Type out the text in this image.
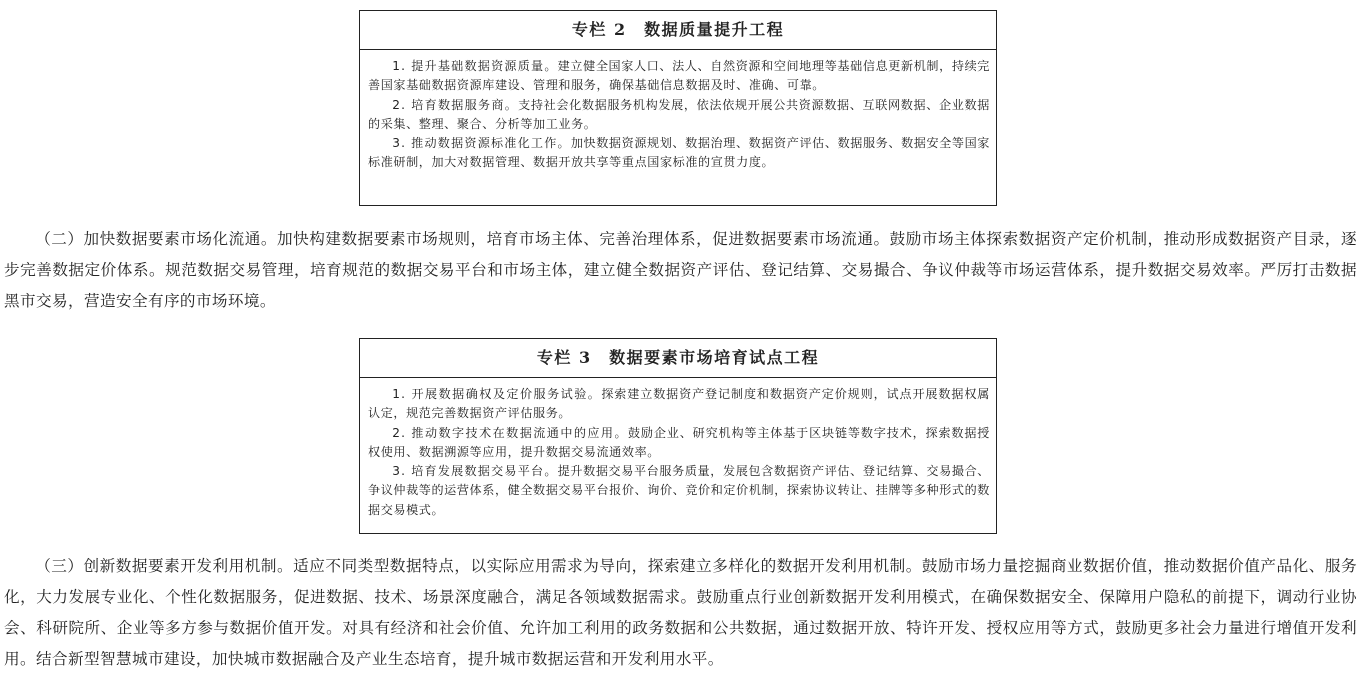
专栏 2　数据质量提升工程

1. 提升基础数据资源质量。建立健全国家人口、法人、自然资源和空间地理等基础信息更新机制，持续完善国家基础数据资源库建设、管理和服务，确保基础信息数据及时、准确、可靠。

2. 培育数据服务商。支持社会化数据服务机构发展，依法依规开展公共资源数据、互联网数据、企业数据的采集、整理、聚合、分析等加工业务。

3. 推动数据资源标准化工作。加快数据资源规划、数据治理、数据资产评估、数据服务、数据安全等国家标准研制，加大对数据管理、数据开放共享等重点国家标准的宣贯力度。

（二）加快数据要素市场化流通。加快构建数据要素市场规则，培育市场主体、完善治理体系，促进数据要素市场流通。鼓励市场主体探索数据资产定价机制，推动形成数据资产目录，逐步完善数据定价体系。规范数据交易管理，培育规范的数据交易平台和市场主体，建立健全数据资产评估、登记结算、交易撮合、争议仲裁等市场运营体系，提升数据交易效率。严厉打击数据黑市交易，营造安全有序的市场环境。

专栏 3　数据要素市场培育试点工程

1. 开展数据确权及定价服务试验。探索建立数据资产登记制度和数据资产定价规则，试点开展数据权属认定，规范完善数据资产评估服务。

2. 推动数字技术在数据流通中的应用。鼓励企业、研究机构等主体基于区块链等数字技术，探索数据授权使用、数据溯源等应用，提升数据交易流通效率。

3. 培育发展数据交易平台。提升数据交易平台服务质量，发展包含数据资产评估、登记结算、交易撮合、争议仲裁等的运营体系，健全数据交易平台报价、询价、竞价和定价机制，探索协议转让、挂牌等多种形式的数据交易模式。

（三）创新数据要素开发利用机制。适应不同类型数据特点，以实际应用需求为导向，探索建立多样化的数据开发利用机制。鼓励市场力量挖掘商业数据价值，推动数据价值产品化、服务化，大力发展专业化、个性化数据服务，促进数据、技术、场景深度融合，满足各领域数据需求。鼓励重点行业创新数据开发利用模式，在确保数据安全、保障用户隐私的前提下，调动行业协会、科研院所、企业等多方参与数据价值开发。对具有经济和社会价值、允许加工利用的政务数据和公共数据，通过数据开放、特许开发、授权应用等方式，鼓励更多社会力量进行增值开发利用。结合新型智慧城市建设，加快城市数据融合及产业生态培育，提升城市数据运营和开发利用水平。
